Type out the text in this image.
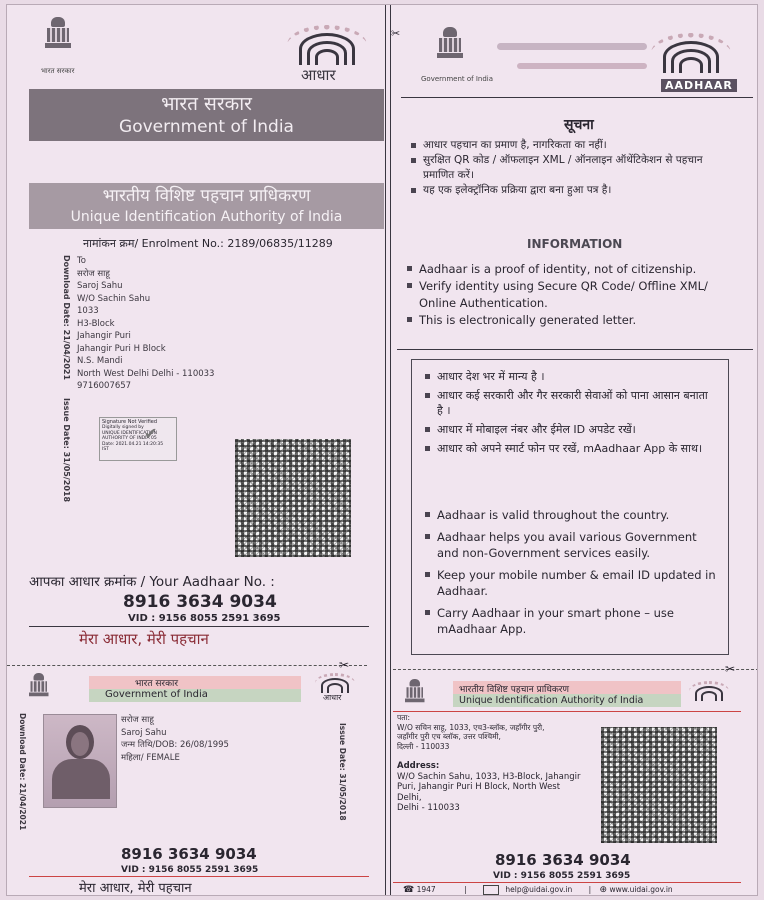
✂
भारत सरकार	आधार
भारत सरकार
Government of India
भारतीय विशिष्ट पहचान प्राधिकरण
Unique Identification Authority of India
नामांकन क्रम/ Enrolment No.: 2189/06835/11289
Download Date: 21/04/2021
Issue Date: 31/05/2018
To
सरोज साहू
Saroj Sahu
W/O Sachin Sahu
1033
H3-Block
Jahangir Puri
Jahangir Puri H Block
N.S. Mandi
North West Delhi Delhi - 110033
9716007657
Signature Not Verified
Digitally signed by
UNIQUE IDENTIFICATION
AUTHORITY OF INDIA 05
Date: 2021.04.21 14:20:35
IST
✔
आपका आधार क्रमांक / Your Aadhaar No. :
8916 3634 9034
VID : 9156 8055 2591 3695
मेरा आधार, मेरी पहचान
✂
भारत सरकार
Government of India	आधार
Download Date: 21/04/2021	Issue Date: 31/05/2018
सरोज साहू
Saroj Sahu
जन्म तिथि/DOB: 26/08/1995
महिला/ FEMALE
8916 3634 9034
VID : 9156 8055 2591 3695
मेरा आधार, मेरी पहचान
Government of India	AADHAAR
सूचना
आधार पहचान का प्रमाण है, नागरिकता का नहीं।
सुरक्षित QR कोड / ऑफलाइन XML / ऑनलाइन ऑथेंटिकेशन से पहचान प्रमाणित करें।
यह एक इलेक्ट्रॉनिक प्रक्रिया द्वारा बना हुआ पत्र है।
INFORMATION
Aadhaar is a proof of identity, not of citizenship.
Verify identity using Secure QR Code/ Offline XML/ Online Authentication.
This is electronically generated letter.
आधार देश भर में मान्य है ।
आधार कई सरकारी और गैर सरकारी सेवाओं को पाना आसान बनाता है ।
आधार में मोबाइल नंबर और ईमेल ID अपडेट रखें।
आधार को अपने स्मार्ट फोन पर रखें, mAadhaar App के साथ।
Aadhaar is valid throughout the country.
Aadhaar helps you avail various Government and non-Government services easily.
Keep your mobile number & email ID updated in Aadhaar.
Carry Aadhaar in your smart phone – use mAadhaar App.
✂
भारतीय विशिष्ट पहचान प्राधिकरण
Unique Identification Authority of India
पता:
W/O सचिन साहू, 1033, एच3-ब्लॉक, जहाँगीर पुरी,
जहाँगीर पुरी एच ब्लॉक, उत्तर पश्चिमी,
दिल्ली - 110033
Address:
W/O Sachin Sahu, 1033, H3-Block, Jahangir
Puri, Jahangir Puri H Block, North West
Delhi,
Delhi - 110033
8916 3634 9034
VID : 9156 8055 2591 3695
☎ 1947	|	help@uidai.gov.in | ⊕ www.uidai.gov.in
